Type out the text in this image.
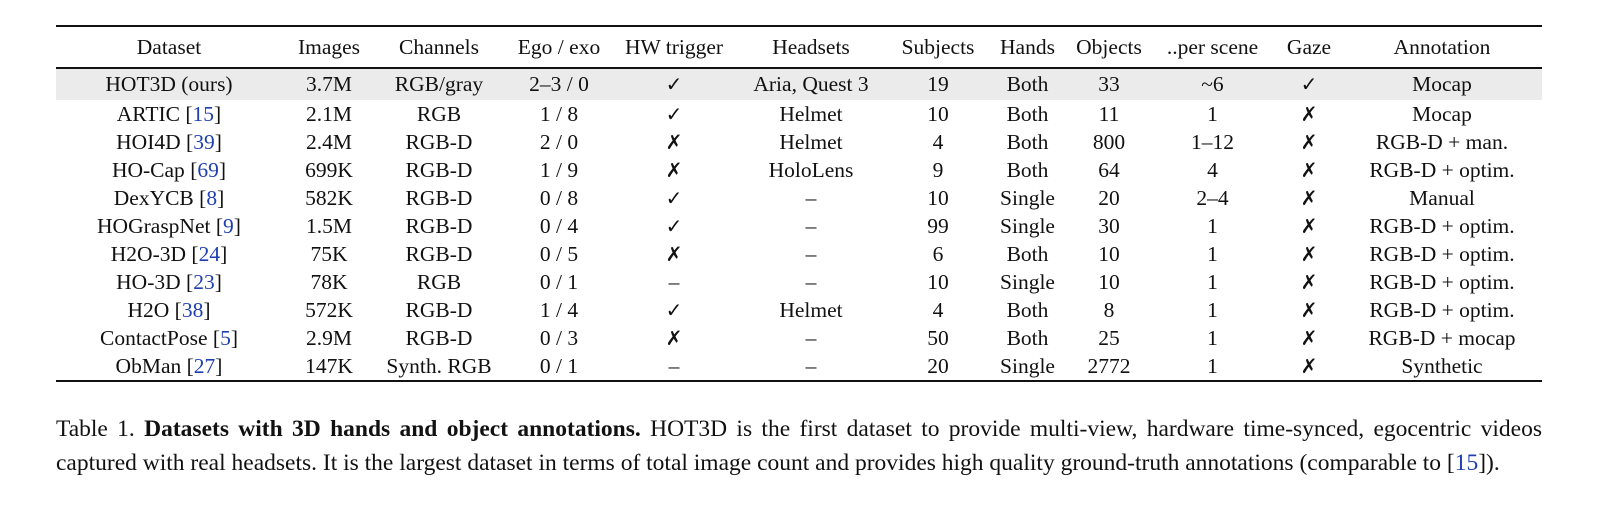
Dataset	Images	Channels	Ego / exo	HW trigger	Headsets	Subjects	Hands	Objects	..per scene	Gaze	Annotation
HOT3D (ours)	3.7M	RGB/gray	2–3 / 0	✓	Aria, Quest 3	19	Both	33	~6	✓	Mocap
ARTIC [15]	2.1M	RGB	1 / 8	✓	Helmet	10	Both	11	1	✗	Mocap
HOI4D [39]	2.4M	RGB-D	2 / 0	✗	Helmet	4	Both	800	1–12	✗	RGB-D + man.
HO-Cap [69]	699K	RGB-D	1 / 9	✗	HoloLens	9	Both	64	4	✗	RGB-D + optim.
DexYCB [8]	582K	RGB-D	0 / 8	✓	–	10	Single	20	2–4	✗	Manual
HOGraspNet [9]	1.5M	RGB-D	0 / 4	✓	–	99	Single	30	1	✗	RGB-D + optim.
H2O-3D [24]	75K	RGB-D	0 / 5	✗	–	6	Both	10	1	✗	RGB-D + optim.
HO-3D [23]	78K	RGB	0 / 1	–	–	10	Single	10	1	✗	RGB-D + optim.
H2O [38]	572K	RGB-D	1 / 4	✓	Helmet	4	Both	8	1	✗	RGB-D + optim.
ContactPose [5]	2.9M	RGB-D	0 / 3	✗	–	50	Both	25	1	✗	RGB-D + mocap
ObMan [27]	147K	Synth. RGB	0 / 1	–	–	20	Single	2772	1	✗	Synthetic
Table 1. Datasets with 3D hands and object annotations. HOT3D is the first dataset to provide multi-view, hardware time-synced, egocentric videos captured with real headsets. It is the largest dataset in terms of total image count and provides high quality ground-truth annotations (comparable to [15]).
